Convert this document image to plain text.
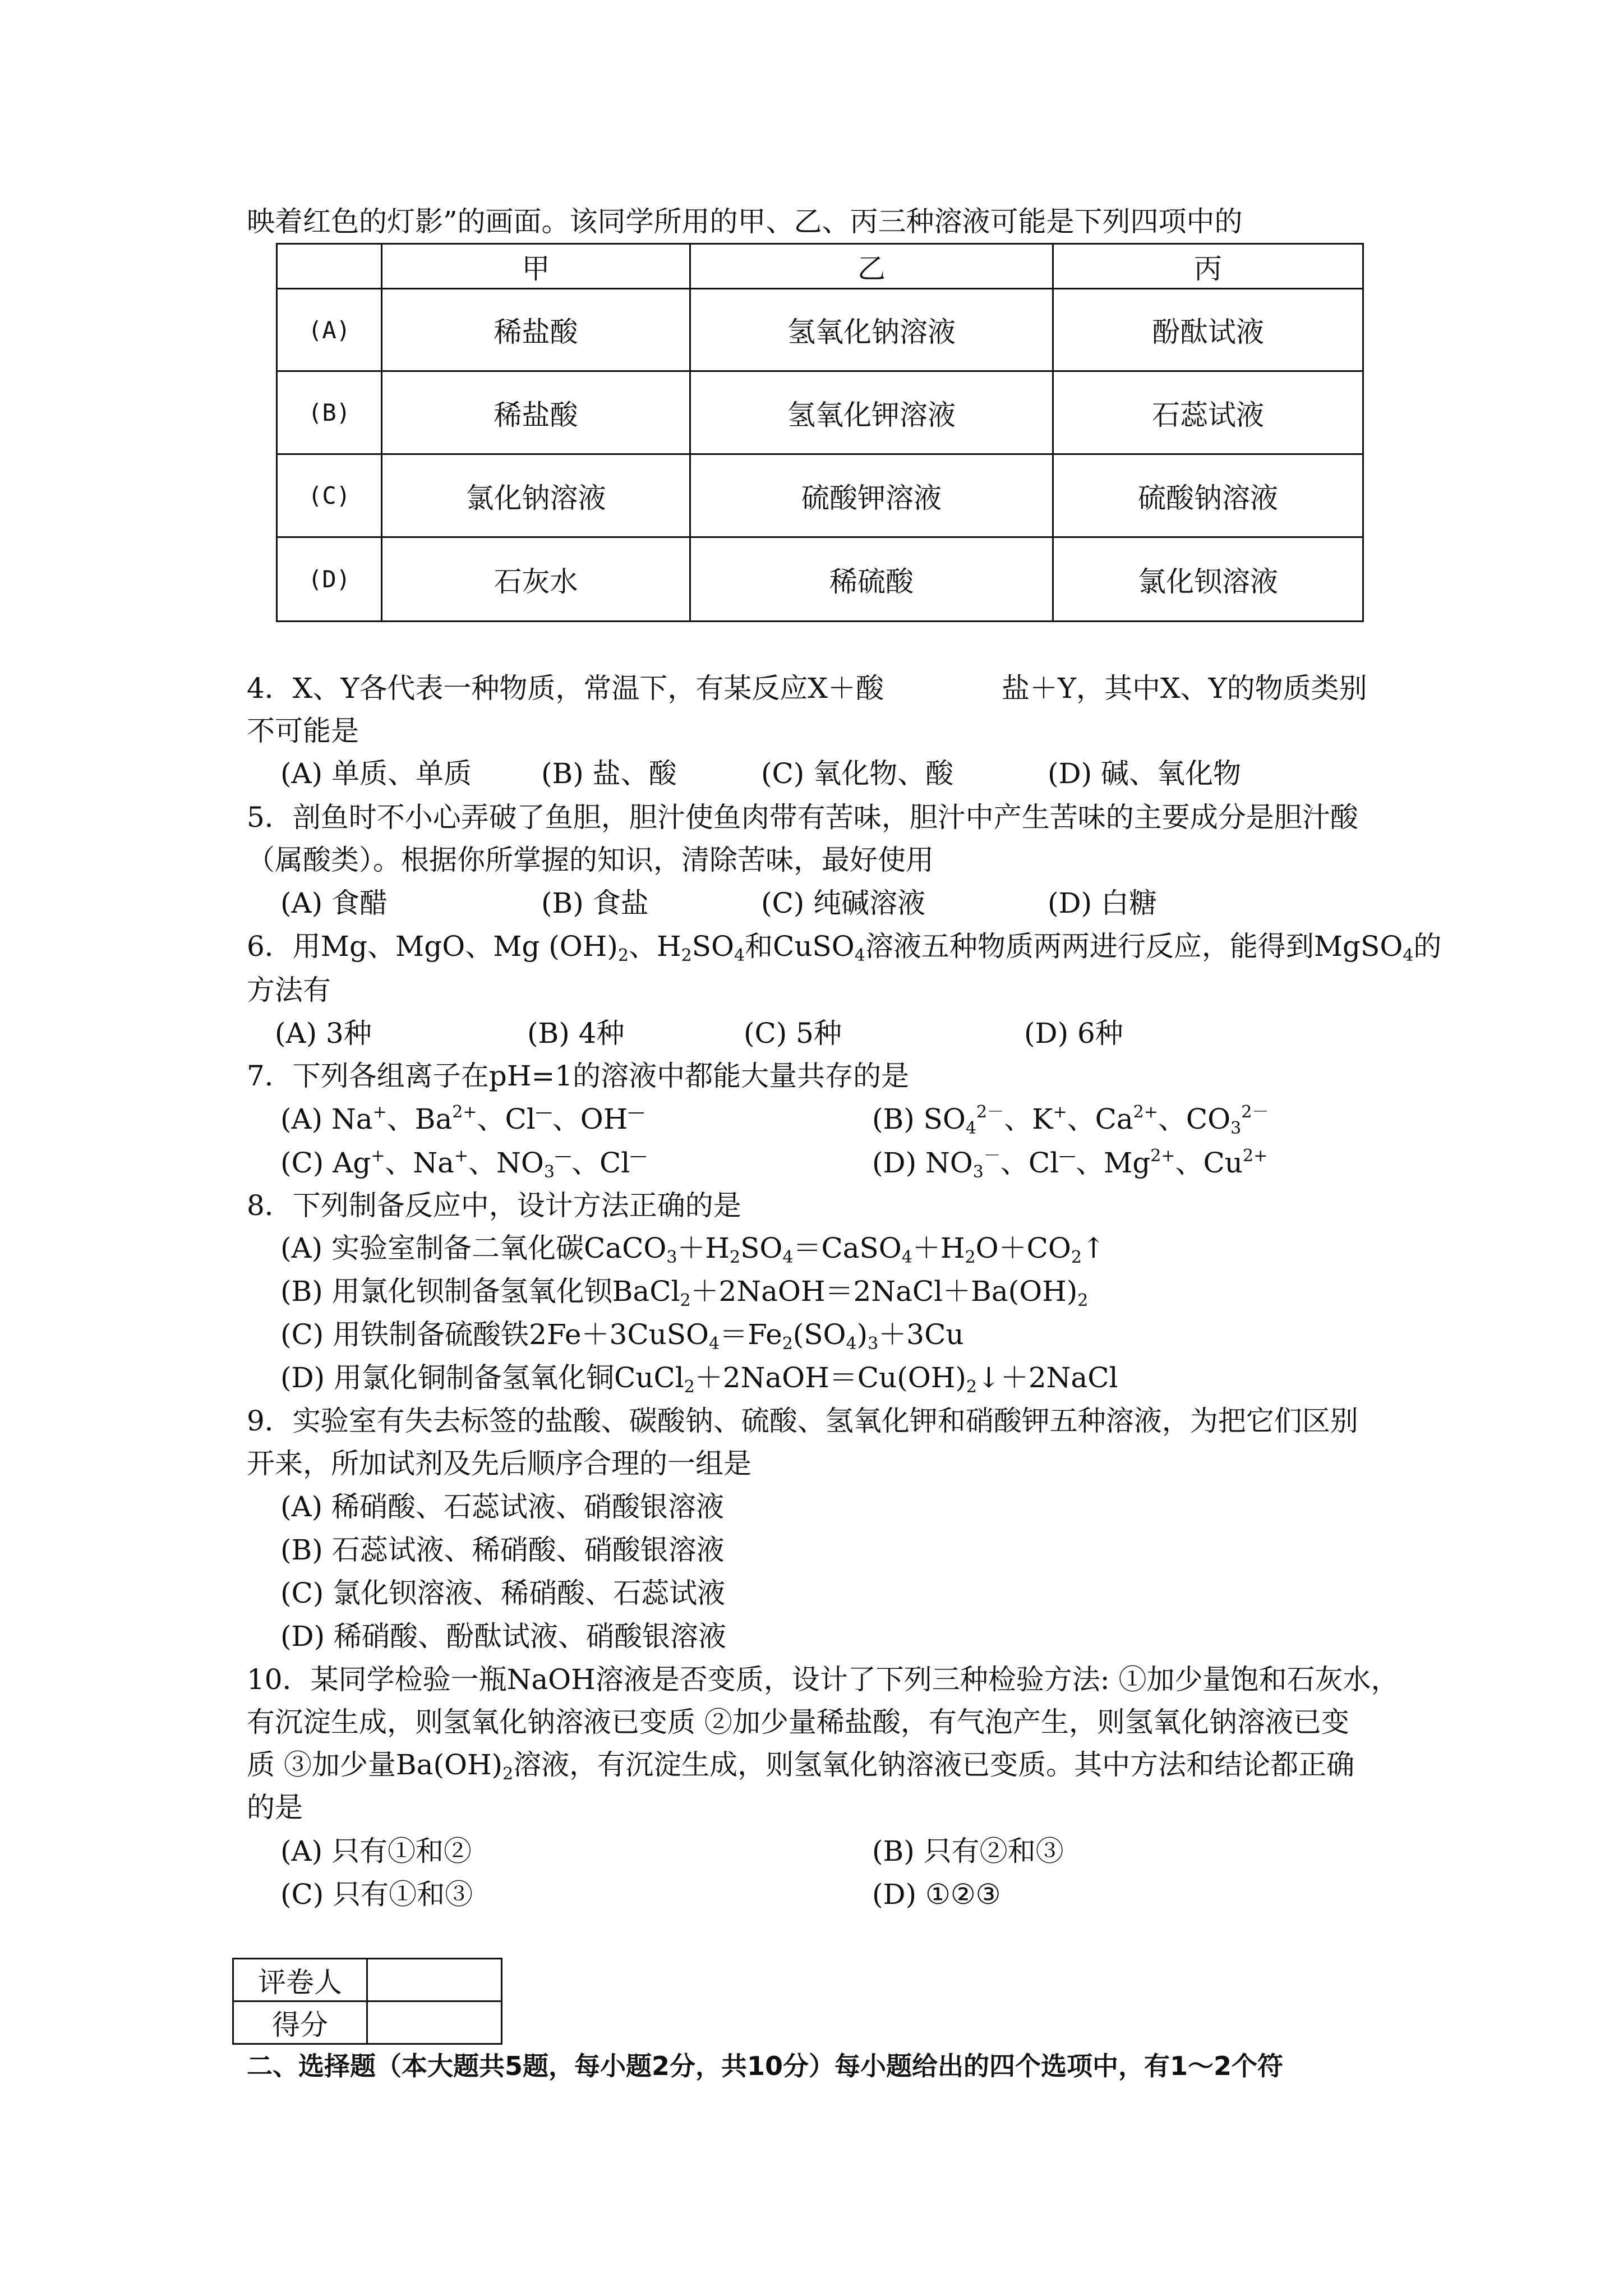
映着红色的灯影”的画面。该同学所用的甲、乙、丙三种溶液可能是下列四项中的
	甲	乙	丙
(A)	稀盐酸	氢氧化钠溶液	酚酞试液
(B)	稀盐酸	氢氧化钾溶液	石蕊试液
(C)	氯化钠溶液	硫酸钾溶液	硫酸钠溶液
(D)	石灰水	稀硫酸	氯化钡溶液
4．X、Y各代表一种物质，常温下，有某反应X＋酸	盐＋Y，其中X、Y的物质类别
不可能是
(A) 单质、单质 (B) 盐、酸	(C) 氧化物、酸	(D) 碱、氧化物
5．剖鱼时不小心弄破了鱼胆，胆汁使鱼肉带有苦味，胆汁中产生苦味的主要成分是胆汁酸
（属酸类）。根据你所掌握的知识，清除苦味，最好使用
(A) 食醋	(B) 食盐	(C) 纯碱溶液	(D) 白糖
6．用Mg、MgO、Mg $(OH)_2$、$H_2SO_4$和CuSO$_4$溶液五种物质两两进行反应，能得到MgSO$_4$的
方法有
(A) 3种	(B) 4种	(C) 5种	(D) 6种
7．下列各组离子在pH=1的溶液中都能大量共存的是
(A) Na+、$Ba^{2+}$、Cl—、OH—	(B) $SO_4^{2-}$、K+、$Ca^{2+}$、$CO_3^{2-}$
(C) Ag+、Na+、$NO_3^—$、Cl—	(D) $NO_3^-$、Cl—、$Mg^{2+}$、$Cu^{2+}$
8．下列制备反应中，设计方法正确的是
(A) 实验室制备二氧化碳$CaCO_3+H_2SO_4=CaSO_4+H_2O+CO_2↑$
(B) 用氯化钡制备氢氧化钡$BaCl_2+2NaOH=2NaCl+Ba(OH)_2$
(C) 用铁制备硫酸铁$2Fe+3CuSO_4=Fe_2(SO_4)_3+3Cu$
(D) 用氯化铜制备氢氧化铜$CuCl_2+2NaOH=Cu(OH)_2↓+2NaCl$
9．实验室有失去标签的盐酸、碳酸钠、硫酸、氢氧化钾和硝酸钾五种溶液，为把它们区别
开来，所加试剂及先后顺序合理的一组是
(A) 稀硝酸、石蕊试液、硝酸银溶液
(B) 石蕊试液、稀硝酸、硝酸银溶液
(C) 氯化钡溶液、稀硝酸、石蕊试液
(D) 稀硝酸、酚酞试液、硝酸银溶液
10．某同学检验一瓶NaOH溶液是否变质，设计了下列三种检验方法: ①加少量饱和石灰水，
有沉淀生成，则氢氧化钠溶液已变质 ②加少量稀盐酸，有气泡产生，则氢氧化钠溶液已变
质 ③加少量$Ba(OH)_2$溶液，有沉淀生成，则氢氧化钠溶液已变质。其中方法和结论都正确
的是
(A) 只有①和②	(B) 只有②和③
(C) 只有①和③	(D) ①②③
评卷人	
得分	
二、选择题（本大题共5题，每小题2分，共10分）每小题给出的四个选项中，有1～2个符
